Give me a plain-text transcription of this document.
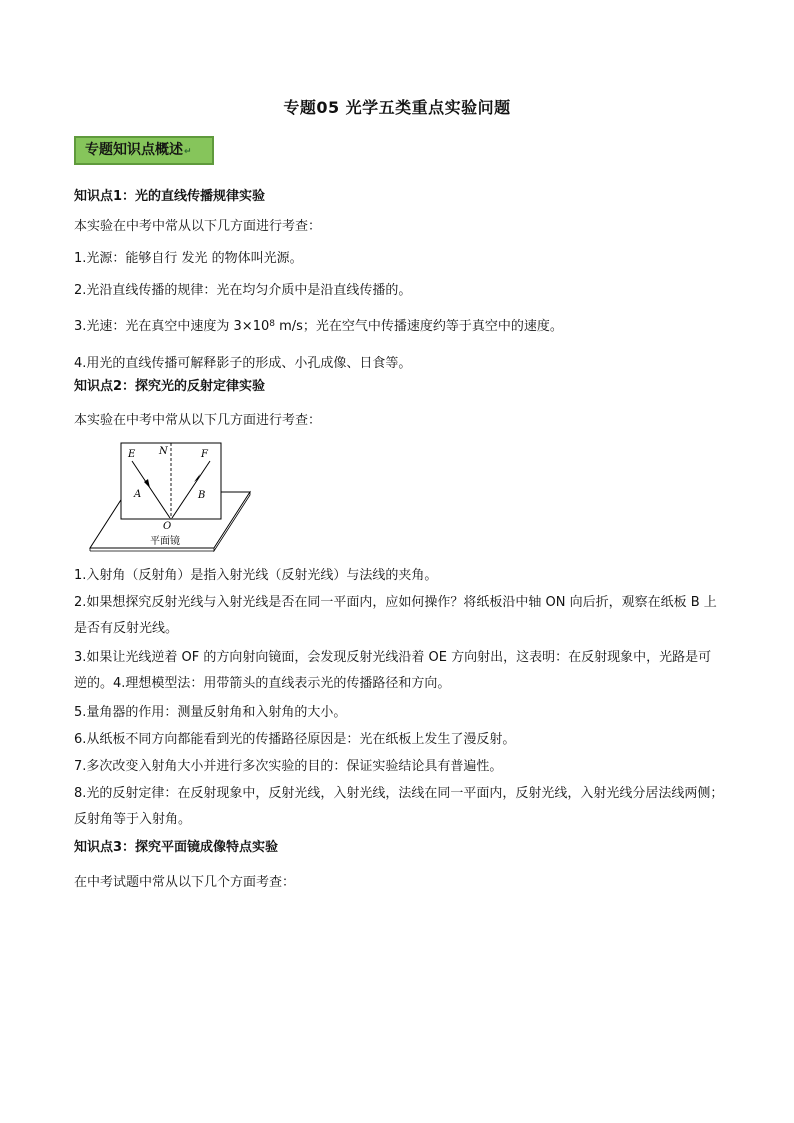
专题05 光学五类重点实验问题
专题知识点概述↵
知识点1：光的直线传播规律实验
本实验在中考中常从以下几方面进行考查：
1.光源：能够自行 发光 的物体叫光源。
2.光沿直线传播的规律：光在均匀介质中是沿直线传播的。
3.光速：光在真空中速度为 $3\times 10^8$ m/s；光在空气中传播速度约等于真空中的速度。
4.用光的直线传播可解释影子的形成、小孔成像、日食等。
知识点2：探究光的反射定律实验
本实验在中考中常从以下几方面进行考查：
E N	F
A	B
O
平面镜
1.入射角（反射角）是指入射光线（反射光线）与法线的夹角。
2.如果想探究反射光线与入射光线是否在同一平面内，应如何操作？将纸板沿中轴 ON 向后折，观察在纸板 B 上是否有反射光线。
3.如果让光线逆着 OF 的方向射向镜面，会发现反射光线沿着 OE 方向射出，这表明：在反射现象中，光路是可逆的。4.理想模型法：用带箭头的直线表示光的传播路径和方向。
5.量角器的作用：测量反射角和入射角的大小。
6.从纸板不同方向都能看到光的传播路径原因是：光在纸板上发生了漫反射。
7.多次改变入射角大小并进行多次实验的目的：保证实验结论具有普遍性。
8.光的反射定律：在反射现象中，反射光线，入射光线，法线在同一平面内，反射光线，入射光线分居法线两侧；反射角等于入射角。
知识点3：探究平面镜成像特点实验
在中考试题中常从以下几个方面考查：
